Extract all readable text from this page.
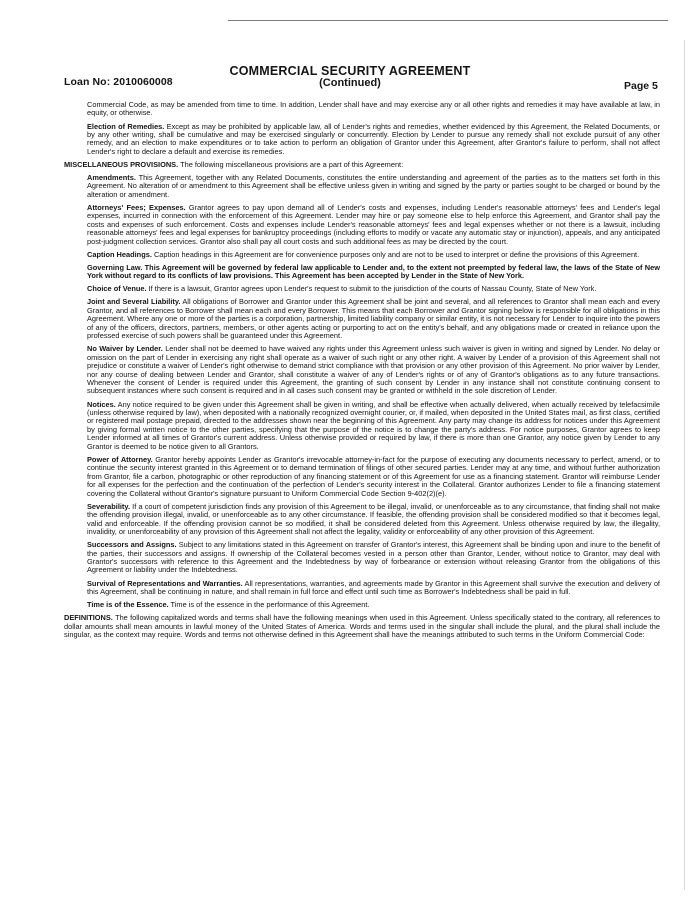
Loan No: 2010060008
COMMERCIAL SECURITY AGREEMENT
(Continued)	Page 5

Commercial Code, as may be amended from time to time. In addition, Lender shall have and may exercise any or all other rights and remedies it may have available at law, in equity, or otherwise.

Election of Remedies. Except as may be prohibited by applicable law, all of Lender's rights and remedies, whether evidenced by this Agreement, the Related Documents, or by any other writing, shall be cumulative and may be exercised singularly or concurrently. Election by Lender to pursue any remedy shall not exclude pursuit of any other remedy, and an election to make expenditures or to take action to perform an obligation of Grantor under this Agreement, after Grantor's failure to perform, shall not affect Lender's right to declare a default and exercise its remedies.

MISCELLANEOUS PROVISIONS. The following miscellaneous provisions are a part of this Agreement:

Amendments. This Agreement, together with any Related Documents, constitutes the entire understanding and agreement of the parties as to the matters set forth in this Agreement. No alteration of or amendment to this Agreement shall be effective unless given in writing and signed by the party or parties sought to be charged or bound by the alteration or amendment.

Attorneys' Fees; Expenses. Grantor agrees to pay upon demand all of Lender's costs and expenses, including Lender's reasonable attorneys' fees and Lender's legal expenses, incurred in connection with the enforcement of this Agreement. Lender may hire or pay someone else to help enforce this Agreement, and Grantor shall pay the costs and expenses of such enforcement. Costs and expenses include Lender's reasonable attorneys' fees and legal expenses whether or not there is a lawsuit, including reasonable attorneys' fees and legal expenses for bankruptcy proceedings (including efforts to modify or vacate any automatic stay or injunction), appeals, and any anticipated post-judgment collection services. Grantor also shall pay all court costs and such additional fees as may be directed by the court.

Caption Headings. Caption headings in this Agreement are for convenience purposes only and are not to be used to interpret or define the provisions of this Agreement.

Governing Law. This Agreement will be governed by federal law applicable to Lender and, to the extent not preempted by federal law, the laws of the State of New York without regard to its conflicts of law provisions. This Agreement has been accepted by Lender in the State of New York.

Choice of Venue. If there is a lawsuit, Grantor agrees upon Lender's request to submit to the jurisdiction of the courts of Nassau County, State of New York.

Joint and Several Liability. All obligations of Borrower and Grantor under this Agreement shall be joint and several, and all references to Grantor shall mean each and every Grantor, and all references to Borrower shall mean each and every Borrower. This means that each Borrower and Grantor signing below is responsible for all obligations in this Agreement. Where any one or more of the parties is a corporation, partnership, limited liability company or similar entity, it is not necessary for Lender to inquire into the powers of any of the officers, directors, partners, members, or other agents acting or purporting to act on the entity's behalf, and any obligations made or created in reliance upon the professed exercise of such powers shall be guaranteed under this Agreement.

No Waiver by Lender. Lender shall not be deemed to have waived any rights under this Agreement unless such waiver is given in writing and signed by Lender. No delay or omission on the part of Lender in exercising any right shall operate as a waiver of such right or any other right. A waiver by Lender of a provision of this Agreement shall not prejudice or constitute a waiver of Lender's right otherwise to demand strict compliance with that provision or any other provision of this Agreement. No prior waiver by Lender, nor any course of dealing between Lender and Grantor, shall constitute a waiver of any of Lender's rights or of any of Grantor's obligations as to any future transactions. Whenever the consent of Lender is required under this Agreement, the granting of such consent by Lender in any instance shall not constitute continuing consent to subsequent instances where such consent is required and in all cases such consent may be granted or withheld in the sole discretion of Lender.

Notices. Any notice required to be given under this Agreement shall be given in writing, and shall be effective when actually delivered, when actually received by telefacsimile (unless otherwise required by law), when deposited with a nationally recognized overnight courier, or, if mailed, when deposited in the United States mail, as first class, certified or registered mail postage prepaid, directed to the addresses shown near the beginning of this Agreement. Any party may change its address for notices under this Agreement by giving formal written notice to the other parties, specifying that the purpose of the notice is to change the party's address. For notice purposes, Grantor agrees to keep Lender informed at all times of Grantor's current address. Unless otherwise provided or required by law, if there is more than one Grantor, any notice given by Lender to any Grantor is deemed to be notice given to all Grantors.

Power of Attorney. Grantor hereby appoints Lender as Grantor's irrevocable attorney-in-fact for the purpose of executing any documents necessary to perfect, amend, or to continue the security interest granted in this Agreement or to demand termination of filings of other secured parties. Lender may at any time, and without further authorization from Grantor, file a carbon, photographic or other reproduction of any financing statement or of this Agreement for use as a financing statement. Grantor will reimburse Lender for all expenses for the perfection and the continuation of the perfection of Lender's security interest in the Collateral. Grantor authorizes Lender to file a financing statement covering the Collateral without Grantor's signature pursuant to Uniform Commercial Code Section 9-402(2)(e).

Severability. If a court of competent jurisdiction finds any provision of this Agreement to be illegal, invalid, or unenforceable as to any circumstance, that finding shall not make the offending provision illegal, invalid, or unenforceable as to any other circumstance. If feasible, the offending provision shall be considered modified so that it becomes legal, valid and enforceable. If the offending provision cannot be so modified, it shall be considered deleted from this Agreement. Unless otherwise required by law, the illegality, invalidity, or unenforceability of any provision of this Agreement shall not affect the legality, validity or enforceability of any other provision of this Agreement.

Successors and Assigns. Subject to any limitations stated in this Agreement on transfer of Grantor's interest, this Agreement shall be binding upon and inure to the benefit of the parties, their successors and assigns. If ownership of the Collateral becomes vested in a person other than Grantor, Lender, without notice to Grantor, may deal with Grantor's successors with reference to this Agreement and the Indebtedness by way of forbearance or extension without releasing Grantor from the obligations of this Agreement or liability under the Indebtedness.

Survival of Representations and Warranties. All representations, warranties, and agreements made by Grantor in this Agreement shall survive the execution and delivery of this Agreement, shall be continuing in nature, and shall remain in full force and effect until such time as Borrower's Indebtedness shall be paid in full.

Time is of the Essence. Time is of the essence in the performance of this Agreement.

DEFINITIONS. The following capitalized words and terms shall have the following meanings when used in this Agreement. Unless specifically stated to the contrary, all references to dollar amounts shall mean amounts in lawful money of the United States of America. Words and terms used in the singular shall include the plural, and the plural shall include the singular, as the context may require. Words and terms not otherwise defined in this Agreement shall have the meanings attributed to such terms in the Uniform Commercial Code:
